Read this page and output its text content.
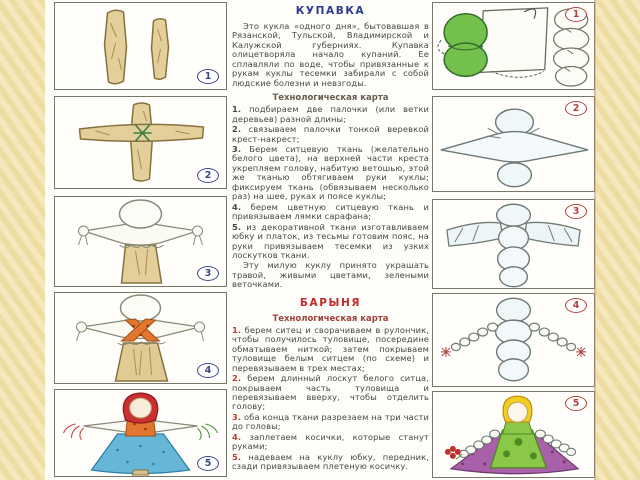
1
2
3
4
5
КУПАВКА

Это кукла «одного дня», бытовавшая в Рязанской, Тульской, Владимирской и Калужской губерниях. Купавка олицетворяла начало купаний. Ее сплавляли по воде, чтобы привязанные к рукам куклы тесемки забирали с собой людские болезни и невзгоды.

Технологическая карта

1. подбираем две палочки (или ветки деревьев) разной длины;

2. связываем палочки тонкой веревкой крест-накрест;

3. Берем ситцевую ткань (желательно белого цвета), на верхней части креста укрепляем голову, набитую ветошью, этой же тканью обтягиваем руки куклы; фиксируем ткань (обвязываем несколько раз) на шее, руках и поясе куклы;

4. берем цветную ситцевую ткань и привязываем лямки сарафана;

5. из декоративной ткани изготавливаем юбку и платок, из тесьмы готовим пояс, на руки привязываем тесемки из узких лоскутков ткани.

Эту милую куклу принято украшать травой, живыми цветами, зелеными веточками.

БАРЫНЯ
Технологическая карта

1. берем ситец и сворачиваем в рулончик, чтобы получилось туловище, посередине обматываем ниткой; затем покрываем туловище белым ситцем (по схеме) и перевязываем в трех местах;

2. берем длинный лоскут белого ситца, покрываем часть туловища и перевязываем вверху, чтобы отделить голову;

3. оба конца ткани разрезаем на три части до головы;

4. заплетаем косички, которые станут руками;

5. надеваем на куклу юбку, передник, сзади привязываем плетеную косичку.

1
2
3
4
5
